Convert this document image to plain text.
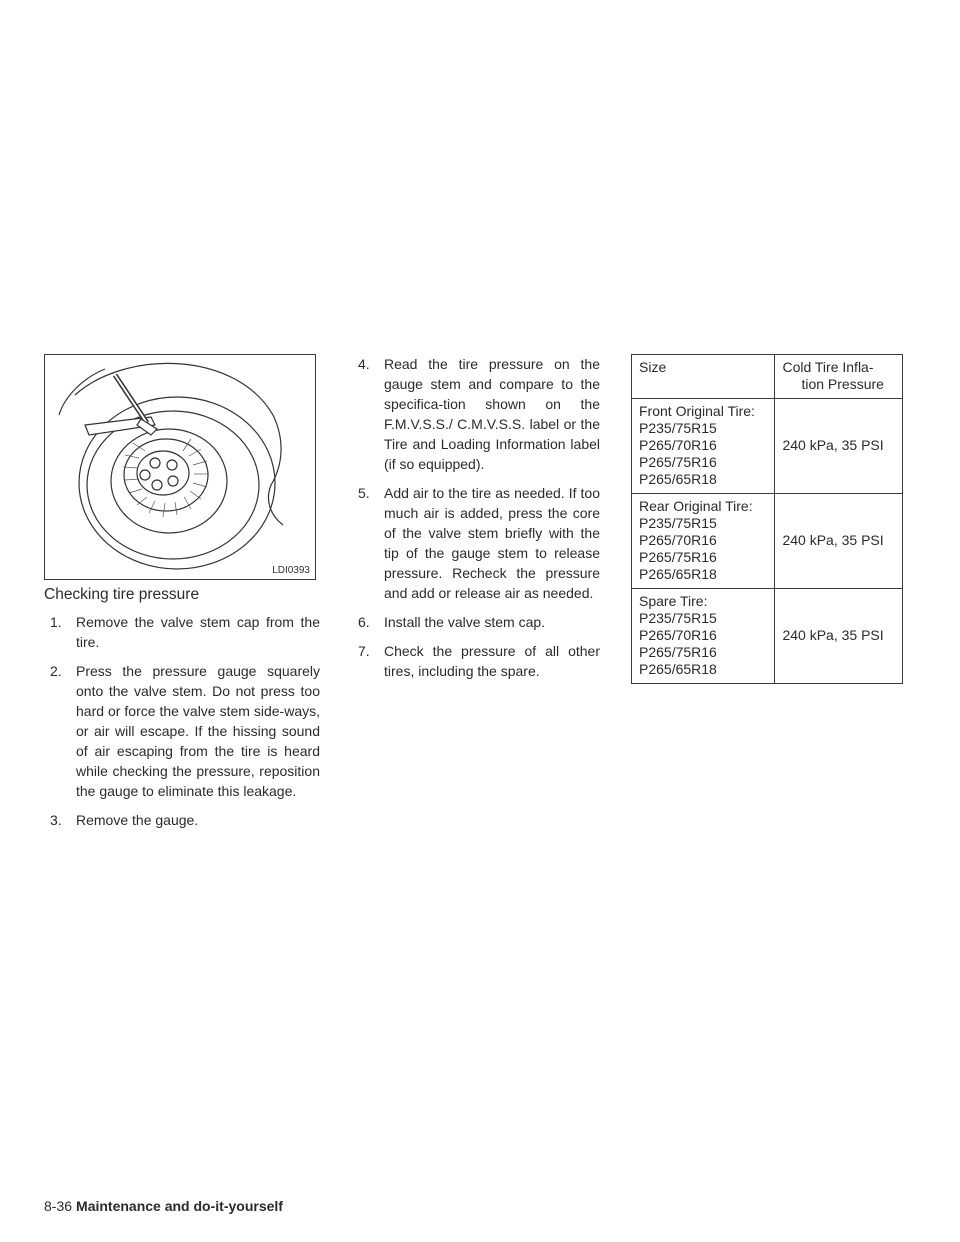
LDI0393
Checking tire pressure
1. Remove the valve stem cap from the tire.
2. Press the pressure gauge squarely onto the valve stem. Do not press too hard or force the valve stem side-ways, or air will escape. If the hissing sound of air escaping from the tire is heard while checking the pressure, reposition the gauge to eliminate this leakage.
3. Remove the gauge.
4. Read the tire pressure on the gauge stem and compare to the specifica-tion shown on the F.M.V.S.S./ C.M.V.S.S. label or the Tire and Loading Information label (if so equipped).
5. Add air to the tire as needed. If too much air is added, press the core of the valve stem briefly with the tip of the gauge stem to release pressure. Recheck the pressure and add or release air as needed.
6. Install the valve stem cap.
7. Check the pressure of all other tires, including the spare.
Size	Cold Tire Infla-

tion Pressure

Front Original Tire:
P235/75R15
P265/70R16
P265/75R16
P265/65R18	240 kPa, 35 PSI

Rear Original Tire:
P235/75R15
P265/70R16
P265/75R16
P265/65R18	240 kPa, 35 PSI

Spare Tire:
P235/75R15
P265/70R16
P265/75R16
P265/65R18	240 kPa, 35 PSI
8-36 Maintenance and do-it-yourself
